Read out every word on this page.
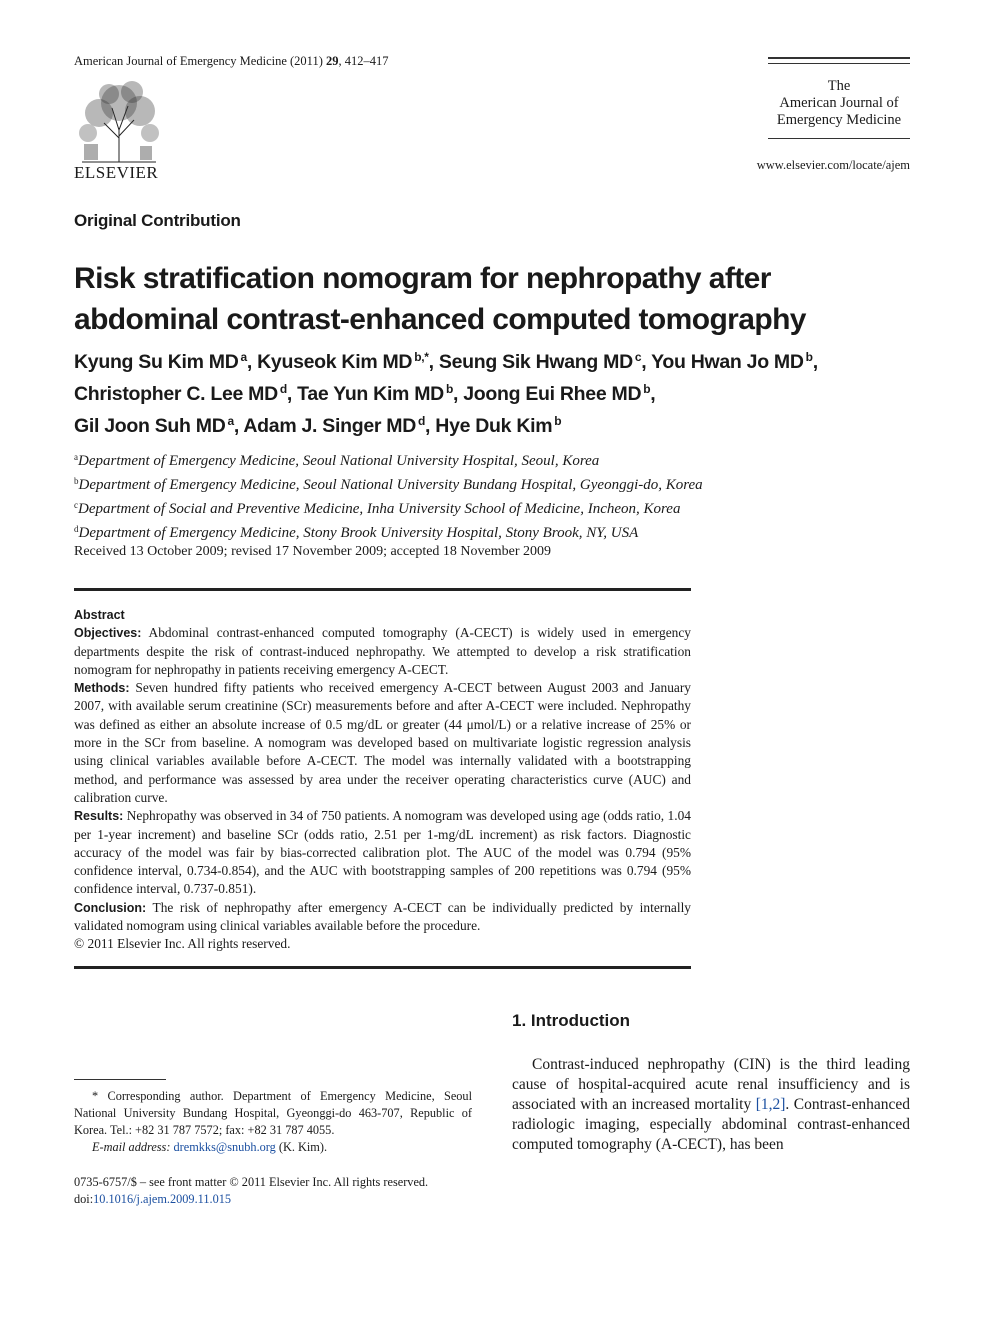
American Journal of Emergency Medicine (2011) 29, 412–417
ELSEVIER
The
American Journal of
Emergency Medicine
www.elsevier.com/locate/ajem
Original Contribution
Risk stratification nomogram for nephropathy after abdominal contrast-enhanced computed tomography
Kyung Su Kim MD $^a$, Kyuseok Kim MD $^{b,*}$, Seung Sik Hwang MD $^c$, You Hwan Jo MD $^b$,
Christopher C. Lee MD $^d$, Tae Yun Kim MD $^b$, Joong Eui Rhee MD $^b$,
Gil Joon Suh MD $^a$, Adam J. Singer MD $^d$, Hye Duk Kim $^b$
$^a$Department of Emergency Medicine, Seoul National University Hospital, Seoul, Korea
$^b$Department of Emergency Medicine, Seoul National University Bundang Hospital, Gyeonggi-do, Korea
$^c$Department of Social and Preventive Medicine, Inha University School of Medicine, Incheon, Korea
$^d$Department of Emergency Medicine, Stony Brook University Hospital, Stony Brook, NY, USA
Received 13 October 2009; revised 17 November 2009; accepted 18 November 2009
Abstract
Objectives: Abdominal contrast-enhanced computed tomography (A-CECT) is widely used in emergency departments despite the risk of contrast-induced nephropathy. We attempted to develop a risk stratification nomogram for nephropathy in patients receiving emergency A-CECT.
Methods: Seven hundred fifty patients who received emergency A-CECT between August 2003 and January 2007, with available serum creatinine (SCr) measurements before and after A-CECT were included. Nephropathy was defined as either an absolute increase of 0.5 mg/dL or greater (44 μmol/L) or a relative increase of 25% or more in the SCr from baseline. A nomogram was developed based on multivariate logistic regression analysis using clinical variables available before A-CECT. The model was internally validated with a bootstrapping method, and performance was assessed by area under the receiver operating characteristics curve (AUC) and calibration curve.
Results: Nephropathy was observed in 34 of 750 patients. A nomogram was developed using age (odds ratio, 1.04 per 1-year increment) and baseline SCr (odds ratio, 2.51 per 1-mg/dL increment) as risk factors. Diagnostic accuracy of the model was fair by bias-corrected calibration plot. The AUC of the model was 0.794 (95% confidence interval, 0.734-0.854), and the AUC with bootstrapping samples of 200 repetitions was 0.794 (95% confidence interval, 0.737-0.851).
Conclusion: The risk of nephropathy after emergency A-CECT can be individually predicted by internally validated nomogram using clinical variables available before the procedure.
© 2011 Elsevier Inc. All rights reserved.
* Corresponding author. Department of Emergency Medicine, Seoul National University Bundang Hospital, Gyeonggi-do 463-707, Republic of Korea. Tel.: +82 31 787 7572; fax: +82 31 787 4055.
E-mail address: dremkks@snubh.org (K. Kim).
0735-6757/$ – see front matter © 2011 Elsevier Inc. All rights reserved.
doi:10.1016/j.ajem.2009.11.015
1. Introduction
Contrast-induced nephropathy (CIN) is the third leading cause of hospital-acquired acute renal insufficiency and is associated with an increased mortality [1,2]. Contrast-enhanced radiologic imaging, especially abdominal contrast-enhanced computed tomography (A-CECT), has been
